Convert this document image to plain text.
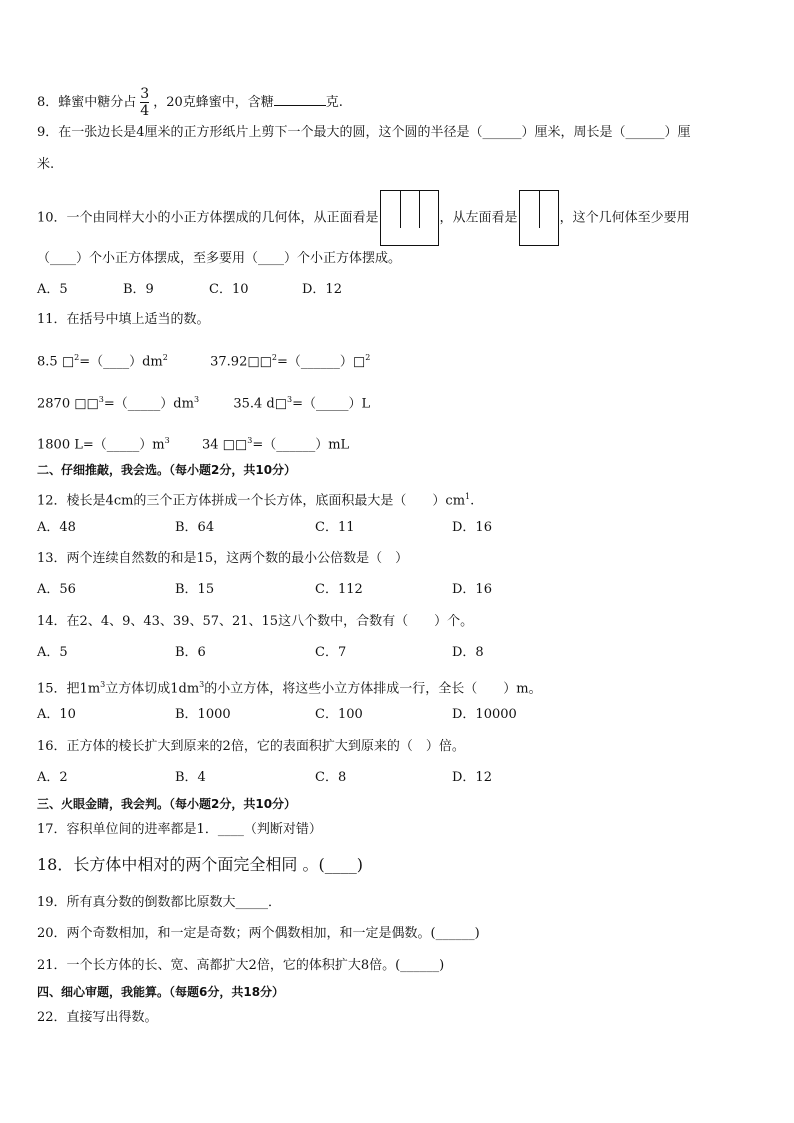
8．蜂蜜中糖分占 $\frac{3}{4}$ ，20克蜂蜜中，含糖	克.
9．在一张边长是4厘米的正方形纸片上剪下一个最大的圆，这个圆的半径是（______）厘米，周长是（______）厘
米.
10．一个由同样大小的小正方体摆成的几何体，从正面看是	，从左面看是	，这个几何体至少要用
（____）个小正方体摆成，至多要用（____）个小正方体摆成。
A．5	B．9	C．10	D．12
11．在括号中填上适当的数。
8.5 $□^2=(\_\_\_\_)dm^2$	37.92□□$^2$=（______）□$^2$
2870 $□□^3=(\_\_\_\_\_)dm^3$	35.4 d□$^3$=（_____）L
1800 $L=(\_\_\_\_\_)m^3$ 34 □□$^3$=（______）mL
二、仔细推敲，我会选。（每小题2分，共10分）
12．棱长是4cm的三个正方体拼成一个长方体，底面积最大是（　　）$cm^1$.
A．48	B．64	C．11	D．16
13．两个连续自然数的和是15，这两个数的最小公倍数是（　）
A．56	B．15	C．112	D．16
14．在2、4、9、43、39、57、21、15这八个数中，合数有（　　）个。
A．5	B．6	C．7	D．8
15．把$1m^3$立方体切成$1dm^3$的小立方体，将这些小立方体排成一行，全长（　　）m。
A．10	B．1000	C．100	D．10000
16．正方体的棱长扩大到原来的2倍，它的表面积扩大到原来的（　）倍。
A．2	B．4	C．8	D．12
三、火眼金睛，我会判。（每小题2分，共10分）
17．容积单位间的进率都是1．____（判断对错）
18．长方体中相对的两个面完全相同 。(____)
19．所有真分数的倒数都比原数大_____．
20．两个奇数相加，和一定是奇数；两个偶数相加，和一定是偶数。(______)
21．一个长方体的长、宽、高都扩大2倍，它的体积扩大8倍。(______)
四、细心审题，我能算。（每题6分，共18分）
22．直接写出得数。
